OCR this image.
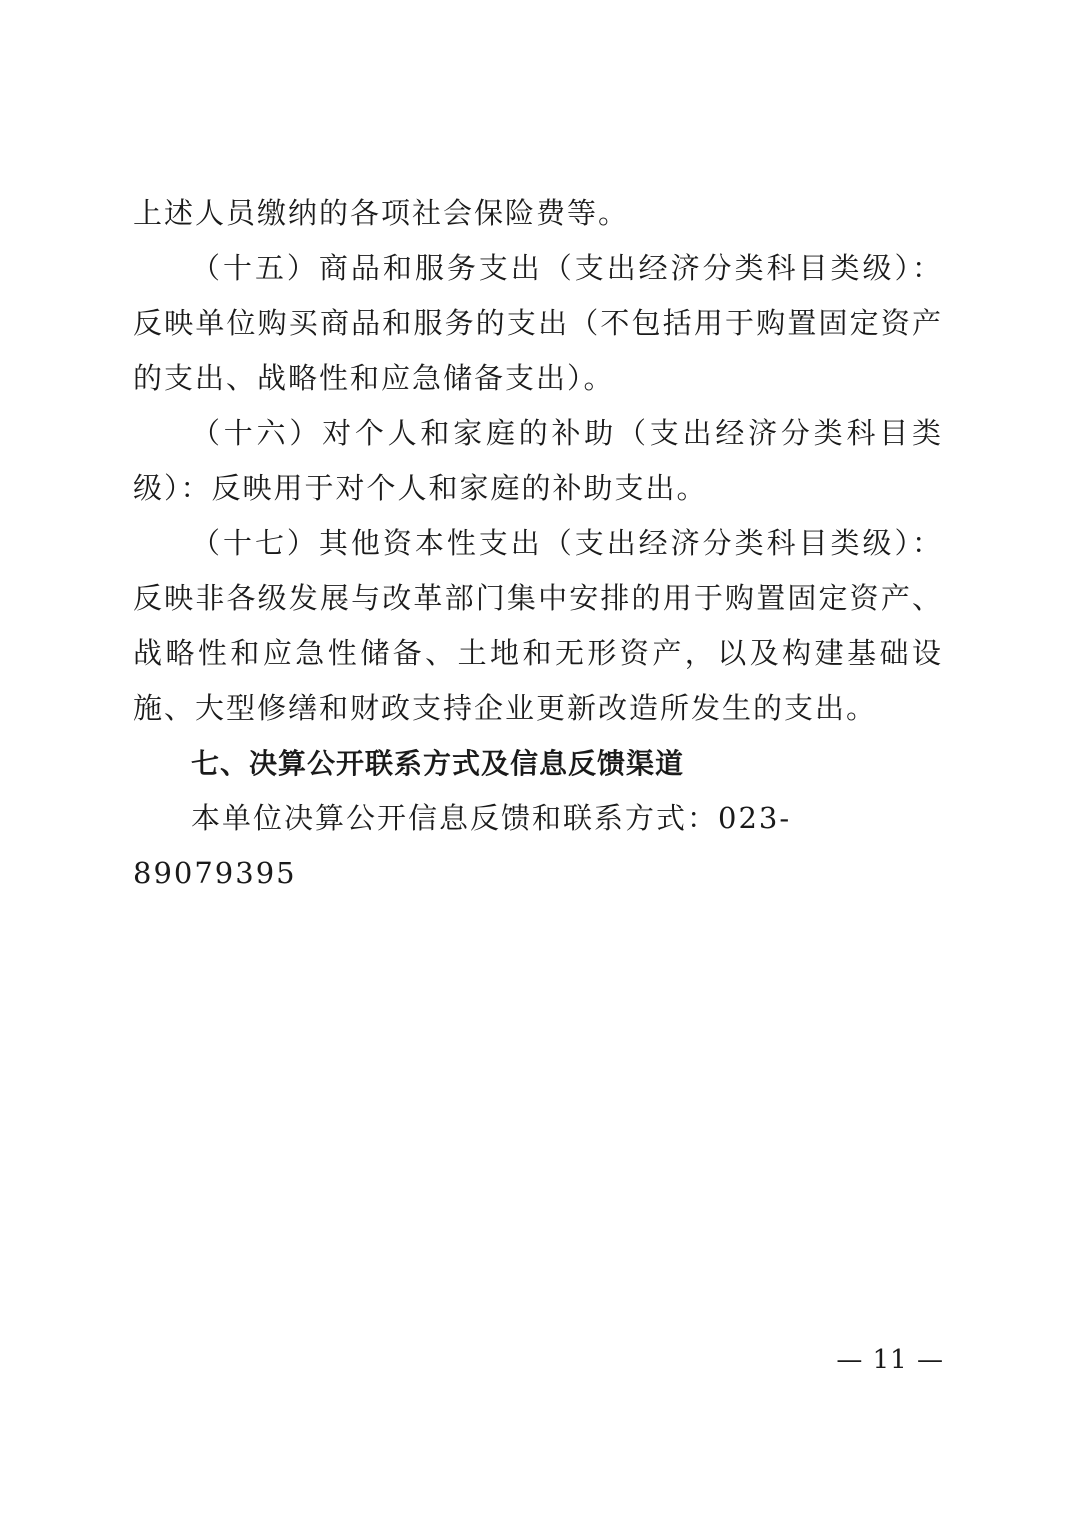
上述人员缴纳的各项社会保险费等。

（十五）商品和服务支出（支出经济分类科目类级）：反映单位购买商品和服务的支出（不包括用于购置固定资产的支出、战略性和应急储备支出）。

（十六）对个人和家庭的补助（支出经济分类科目类级）：反映用于对个人和家庭的补助支出。

（十七）其他资本性支出（支出经济分类科目类级）：反映非各级发展与改革部门集中安排的用于购置固定资产、战略性和应急性储备、土地和无形资产，以及构建基础设施、大型修缮和财政支持企业更新改造所发生的支出。

七、决算公开联系方式及信息反馈渠道

本单位决算公开信息反馈和联系方式：023-89079395

— 11 —
